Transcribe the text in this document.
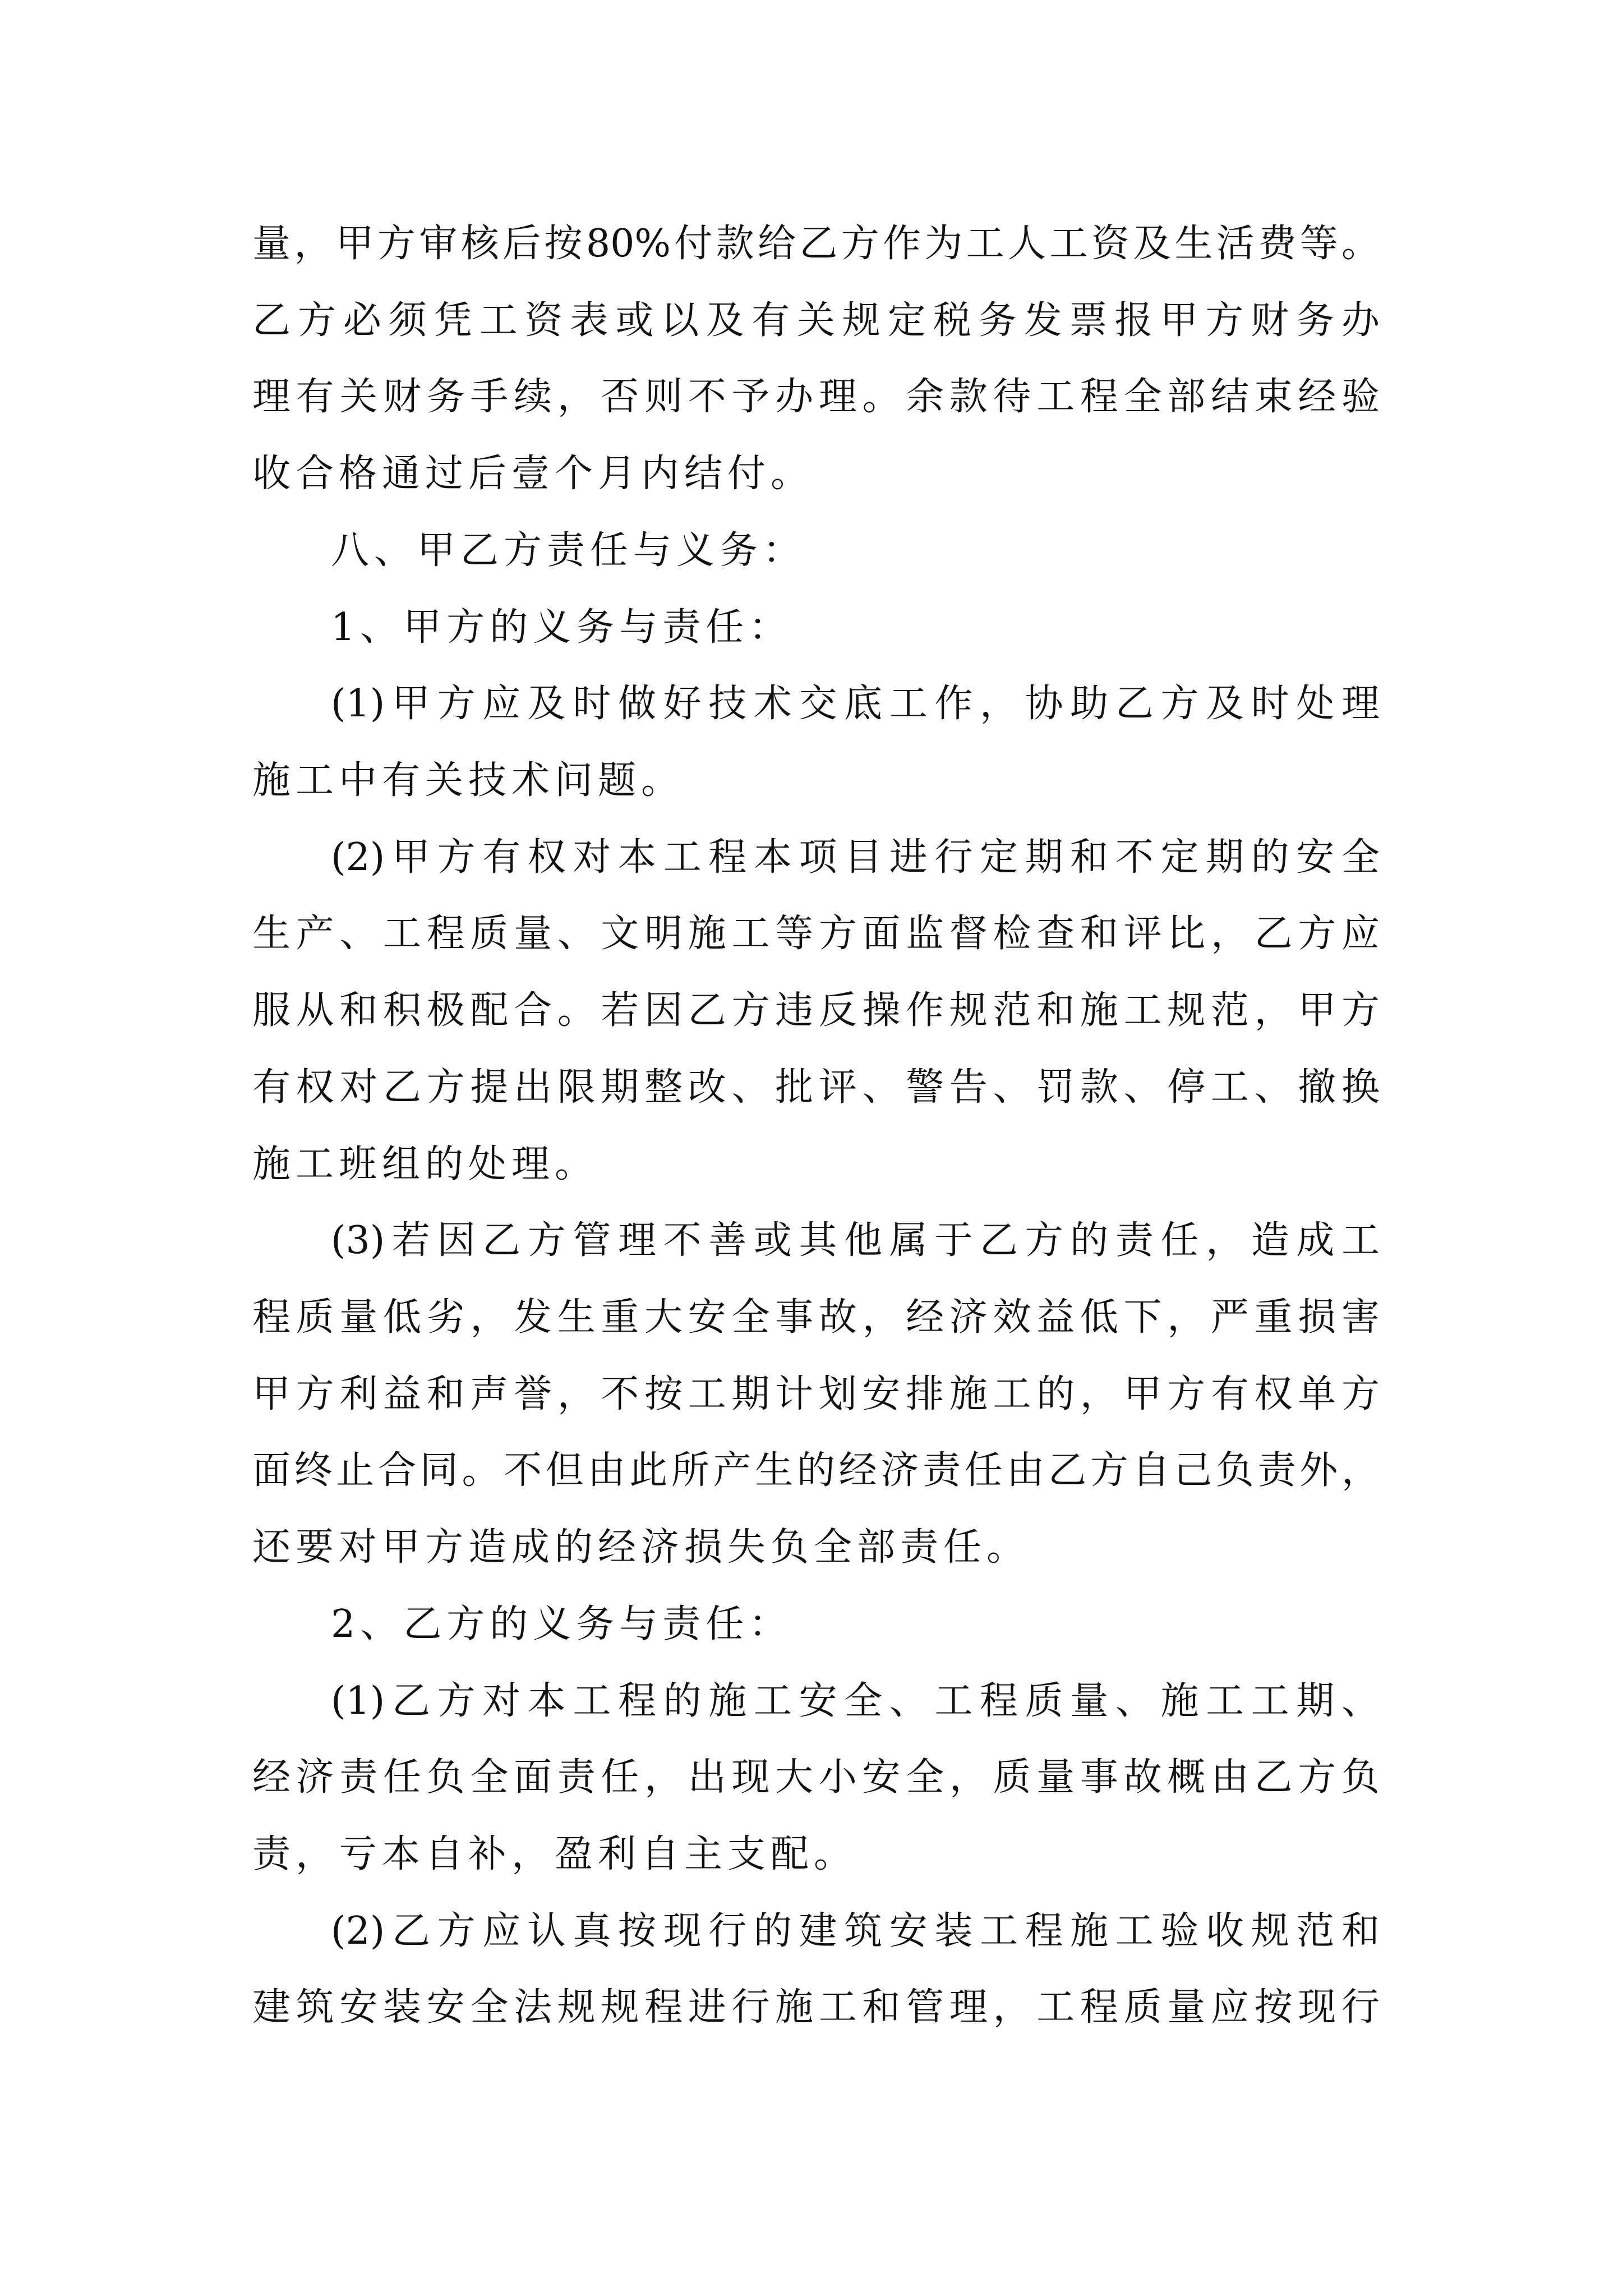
量，甲方审核后按80%付款给乙方作为工人工资及生活费等。
乙方必须凭工资表或以及有关规定税务发票报甲方财务办
理有关财务手续，否则不予办理。余款待工程全部结束经验
收合格通过后壹个月内结付。
八、甲乙方责任与义务：
1、甲方的义务与责任：
(1)甲方应及时做好技术交底工作，协助乙方及时处理
施工中有关技术问题。
(2)甲方有权对本工程本项目进行定期和不定期的安全
生产、工程质量、文明施工等方面监督检查和评比，乙方应
服从和积极配合。若因乙方违反操作规范和施工规范，甲方
有权对乙方提出限期整改、批评、警告、罚款、停工、撤换
施工班组的处理。
(3)若因乙方管理不善或其他属于乙方的责任，造成工
程质量低劣，发生重大安全事故，经济效益低下，严重损害
甲方利益和声誉，不按工期计划安排施工的，甲方有权单方
面终止合同。不但由此所产生的经济责任由乙方自己负责外，
还要对甲方造成的经济损失负全部责任。
2、乙方的义务与责任：
(1)乙方对本工程的施工安全、工程质量、施工工期、
经济责任负全面责任，出现大小安全，质量事故概由乙方负
责，亏本自补，盈利自主支配。
(2)乙方应认真按现行的建筑安装工程施工验收规范和
建筑安装安全法规规程进行施工和管理，工程质量应按现行
